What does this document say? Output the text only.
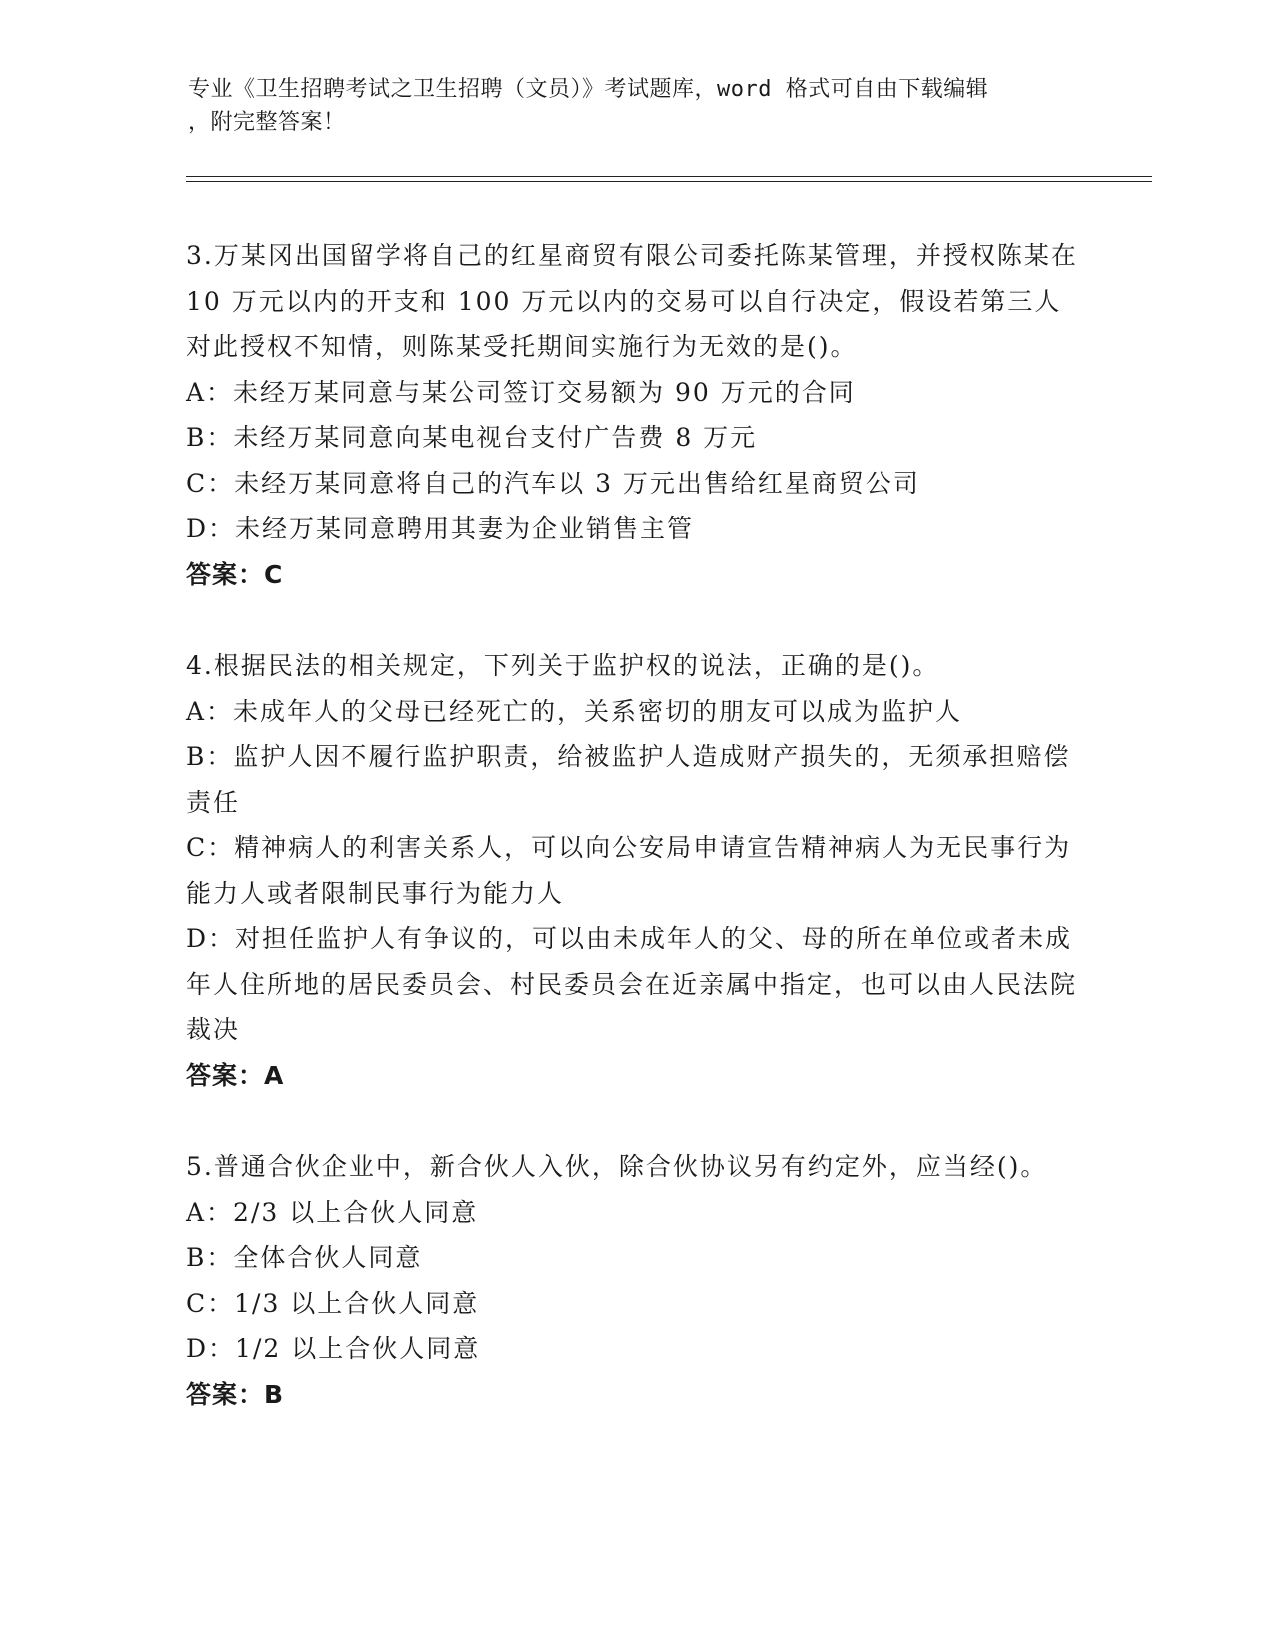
专业《卫生招聘考试之卫生招聘（文员）》考试题库，word 格式可自由下载编辑
，附完整答案！

3.万某冈出国留学将自己的红星商贸有限公司委托陈某管理，并授权陈某在 10 万元以内的开支和 100 万元以内的交易可以自行决定，假设若第三人对此授权不知情，则陈某受托期间实施行为无效的是()。

A：未经万某同意与某公司签订交易额为 90 万元的合同

B：未经万某同意向某电视台支付广告费 8 万元

C：未经万某同意将自己的汽车以 3 万元出售给红星商贸公司

D：未经万某同意聘用其妻为企业销售主管

答案：C

4.根据民法的相关规定，下列关于监护权的说法，正确的是()。

A：未成年人的父母已经死亡的，关系密切的朋友可以成为监护人

B：监护人因不履行监护职责，给被监护人造成财产损失的，无须承担赔偿责任

C：精神病人的利害关系人，可以向公安局申请宣告精神病人为无民事行为能力人或者限制民事行为能力人

D：对担任监护人有争议的，可以由未成年人的父、母的所在单位或者未成年人住所地的居民委员会、村民委员会在近亲属中指定，也可以由人民法院裁决

答案：A

5.普通合伙企业中，新合伙人入伙，除合伙协议另有约定外，应当经()。

A：2/3 以上合伙人同意

B：全体合伙人同意

C：1/3 以上合伙人同意

D：1/2 以上合伙人同意

答案：B
